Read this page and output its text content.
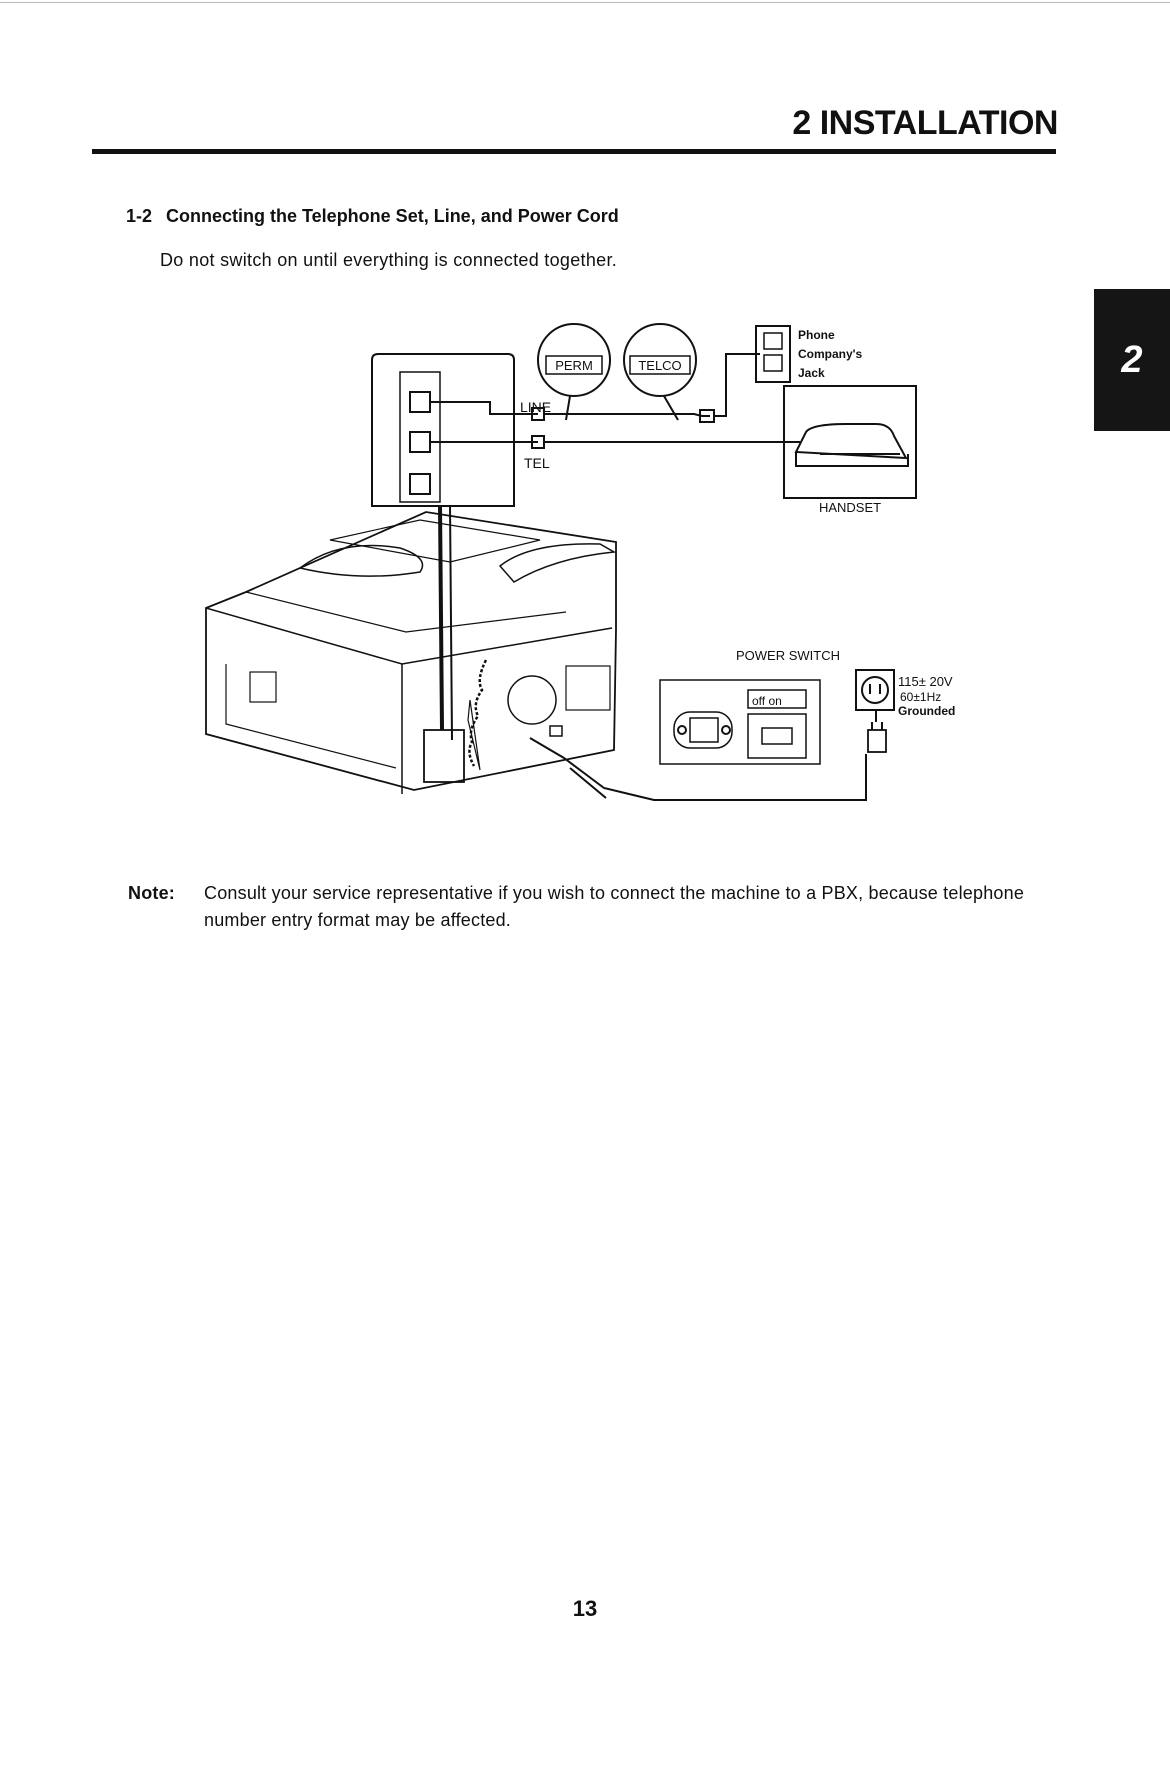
2 INSTALLATION
2
1-2 Connecting the Telephone Set, Line, and Power Cord
Do not switch on until everything is connected together.
PERM	TELCO
LINE
TEL
Phone
Company's
Jack
HANDSET
POWER SWITCH
off on
115± 20V
60±1Hz
Grounded
Note: Consult your service representative if you wish to connect the machine to a PBX, because telephone number entry format may be affected.
13
